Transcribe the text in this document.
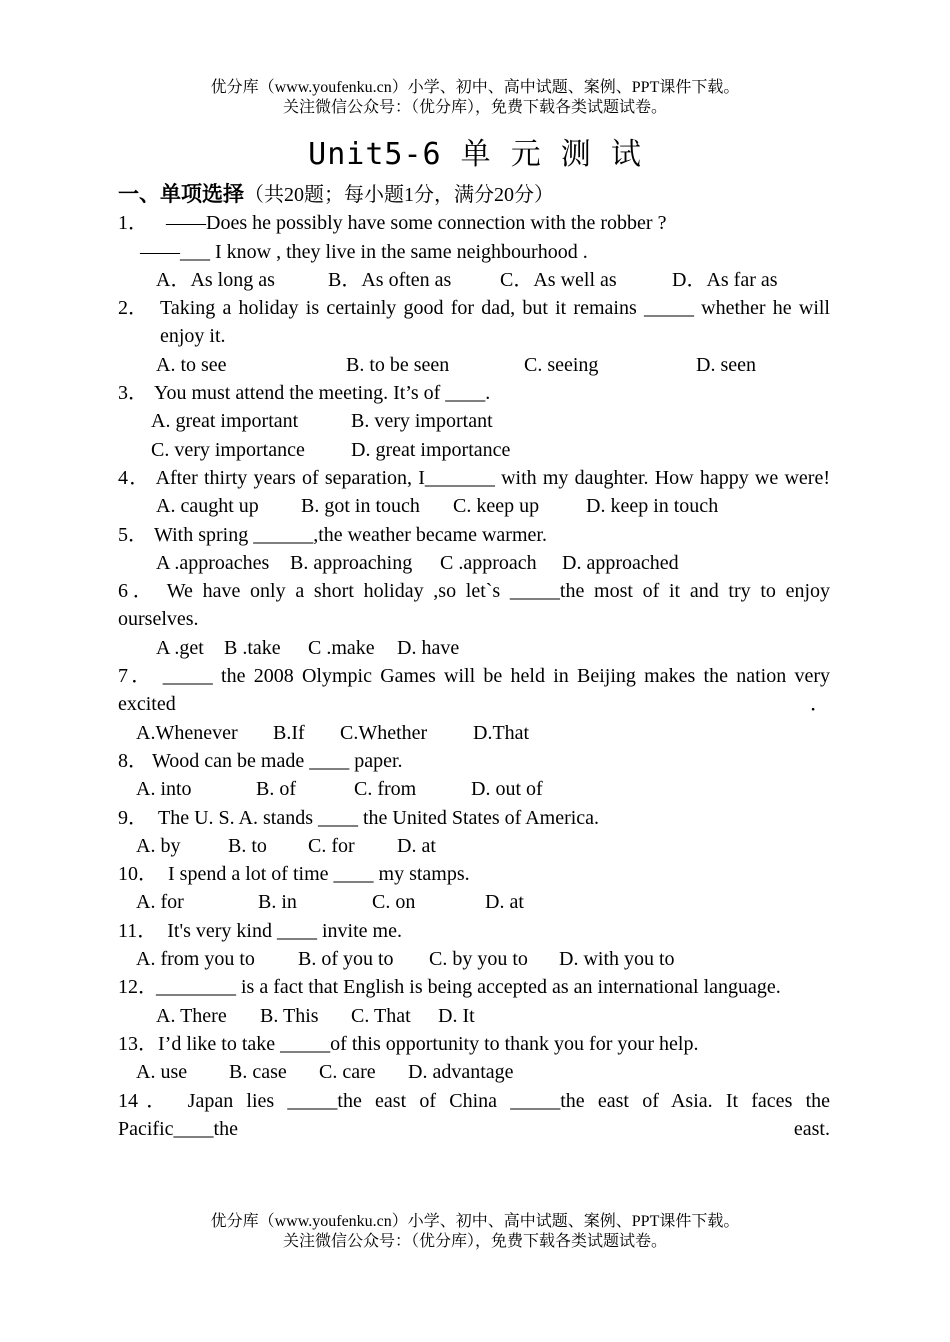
优分库（www.youfenku.cn）小学、初中、高中试题、案例、PPT课件下载。
关注微信公众号：（优分库），免费下载各类试题试卷。
Unit5-6 单 元 测 试
一、单项选择（共20题；每小题1分，满分20分）
1． ——Does he possibly have some connection with the robber ?
——___ I know , they live in the same neighbourhood .
A．As long as	B．As often as C．As well as	D．As far as
2． Taking a holiday is certainly good for dad, but it remains _____ whether he will enjoy it.
A. to see	B. to be seen	C. seeing	D. seen
3． You must attend the meeting. It’s of ____.
A. great important	B. very important
C. very importance D. great importance
4． After thirty years of separation, I_______ with my daughter. How happy we were!
A. caught up B. got in touch C. keep up D. keep in touch
5． With spring ______,the weather became warmer.
A .approaches B. approaching C .approach D. approached
6． We have only a short holiday ,so let`s _____the most of it and try to enjoy ourselves.
A .get B .take C .make D. have
7． _____ the 2008 Olympic Games will be held in Beijing makes the nation very excited．
A.Whenever B.If C.Whether D.That
8． Wood can be made ____ paper.
A. into	B. of	C. from	D. out of
9． The U. S. A. stands ____ the United States of America.
A. by B. to C. for D. at
10． I spend a lot of time ____ my stamps.
A. for	B. in	C. on	D. at
11． It's very kind ____ invite me.
A. from you to B. of you to C. by you to D. with you to
12．
________ is a fact that English is being accepted as an international language.
A. There B. This C. That D. It
13．I’d like to take _____of this opportunity to thank you for your help.
A. use B. case C. care D. advantage
14． Japan lies _____the east of China _____the east of Asia. It faces the Pacific____the east.
优分库（www.youfenku.cn）小学、初中、高中试题、案例、PPT课件下载。
关注微信公众号：（优分库），免费下载各类试题试卷。
